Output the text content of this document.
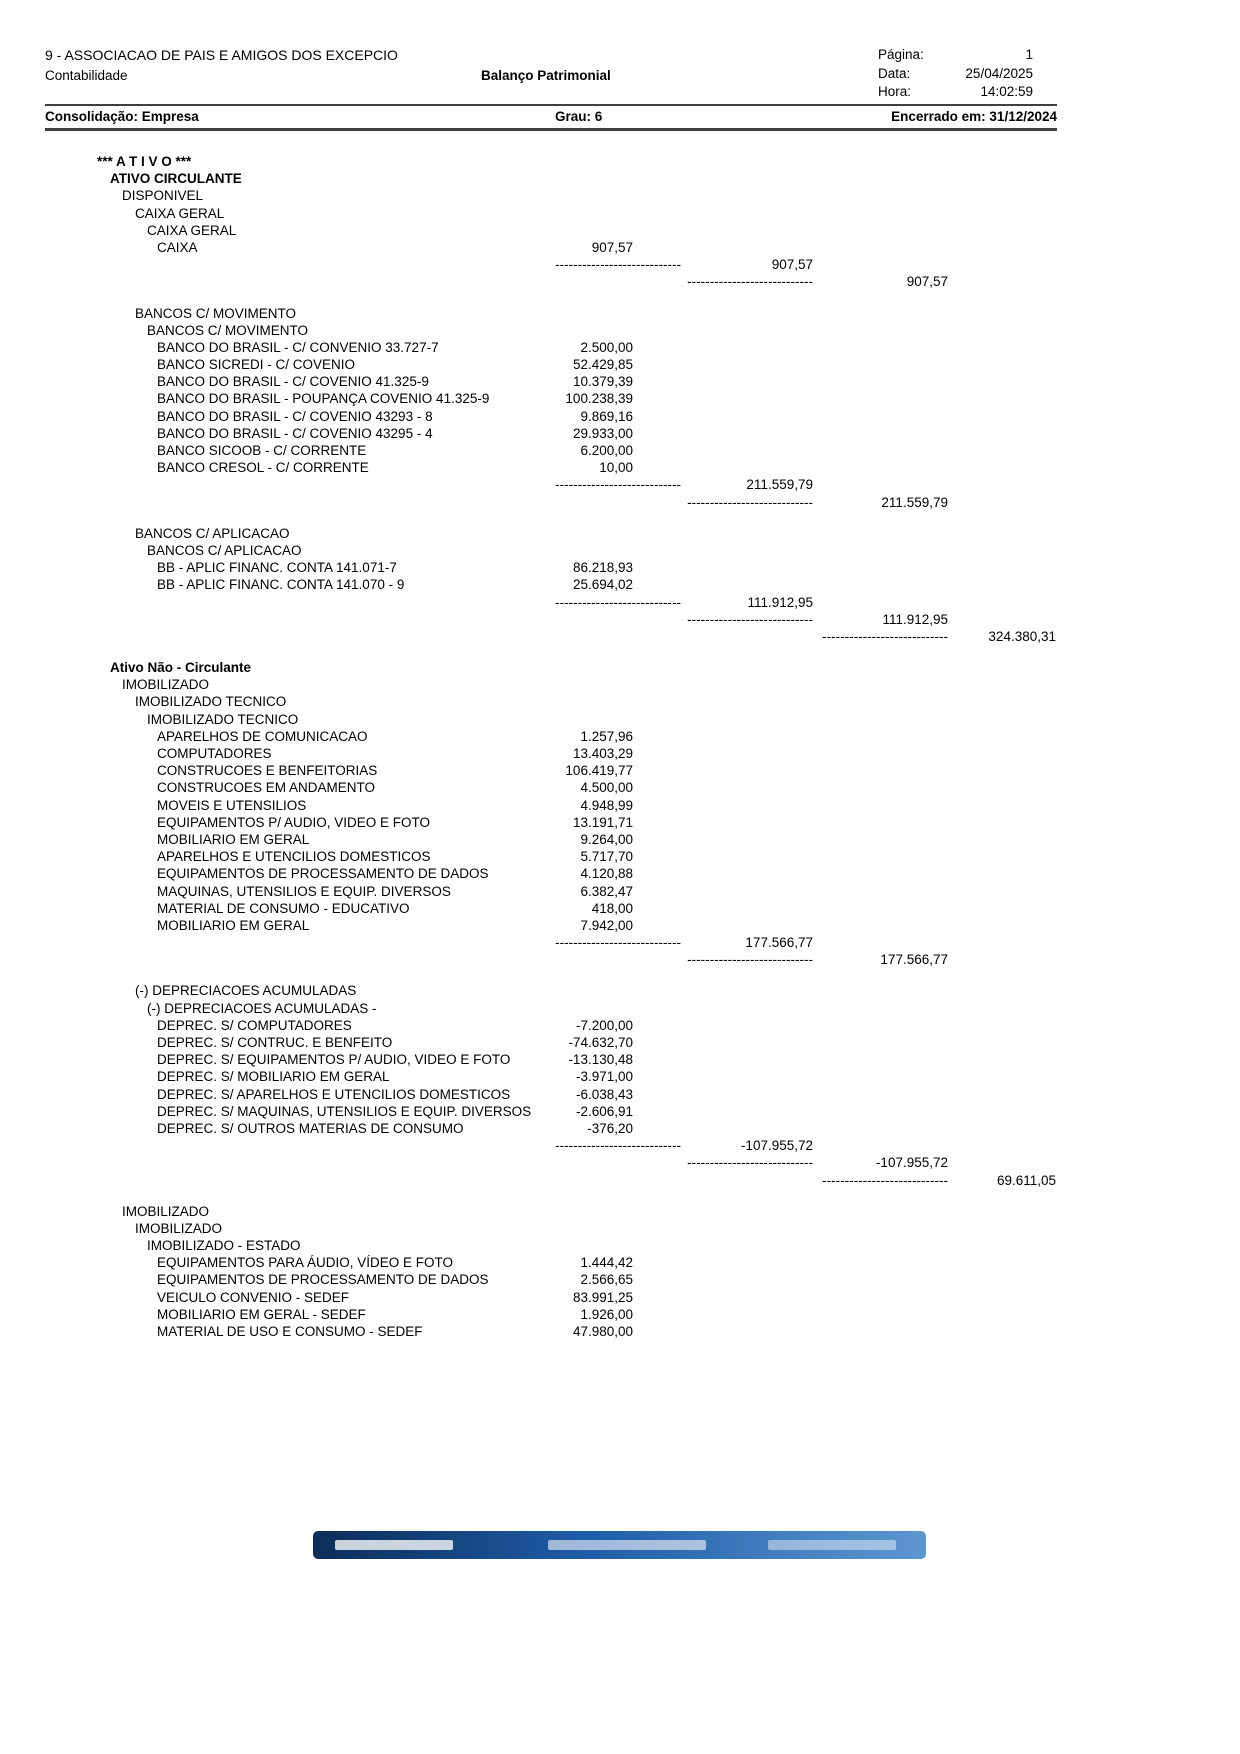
9 - ASSOCIACAO DE PAIS E AMIGOS DOS EXCEPCIO
Contabilidade	Balanço Patrimonial
Página:	1
Data:	25/04/2025
Hora:	14:02:59
Consolidação: Empresa	Grau: 6	Encerrado em: 31/12/2024
*** A T I V O ***
ATIVO CIRCULANTE
DISPONIVEL
CAIXA GERAL
CAIXA GERAL
CAIXA	907,57
----------------------------	907,57
----------------------------	907,57
BANCOS C/ MOVIMENTO
BANCOS C/ MOVIMENTO
BANCO DO BRASIL - C/ CONVENIO 33.727-7	2.500,00
BANCO SICREDI - C/ COVENIO	52.429,85
BANCO DO BRASIL - C/ COVENIO 41.325-9	10.379,39
BANCO DO BRASIL - POUPANÇA COVENIO 41.325-9	100.238,39
BANCO DO BRASIL - C/ COVENIO 43293 - 8	9.869,16
BANCO DO BRASIL - C/ COVENIO 43295 - 4	29.933,00
BANCO SICOOB - C/ CORRENTE	6.200,00
BANCO CRESOL - C/ CORRENTE	10,00
----------------------------	211.559,79
----------------------------	211.559,79
BANCOS C/ APLICACAO
BANCOS C/ APLICACAO
BB - APLIC FINANC. CONTA 141.071-7	86.218,93
BB - APLIC FINANC. CONTA 141.070 - 9	25.694,02
----------------------------	111.912,95
----------------------------	111.912,95
----------------------------	324.380,31
Ativo Não - Circulante
IMOBILIZADO
IMOBILIZADO TECNICO
IMOBILIZADO TECNICO
APARELHOS DE COMUNICACAO	1.257,96
COMPUTADORES	13.403,29
CONSTRUCOES E BENFEITORIAS	106.419,77
CONSTRUCOES EM ANDAMENTO	4.500,00
MOVEIS E UTENSILIOS	4.948,99
EQUIPAMENTOS P/ AUDIO, VIDEO E FOTO	13.191,71
MOBILIARIO EM GERAL	9.264,00
APARELHOS E UTENCILIOS DOMESTICOS	5.717,70
EQUIPAMENTOS DE PROCESSAMENTO DE DADOS	4.120,88
MAQUINAS, UTENSILIOS E EQUIP. DIVERSOS	6.382,47
MATERIAL DE CONSUMO - EDUCATIVO	418,00
MOBILIARIO EM GERAL	7.942,00
----------------------------	177.566,77
----------------------------	177.566,77
(-) DEPRECIACOES ACUMULADAS
(-) DEPRECIACOES ACUMULADAS -
DEPREC. S/ COMPUTADORES	-7.200,00
DEPREC. S/ CONTRUC. E BENFEITO	-74.632,70
DEPREC. S/ EQUIPAMENTOS P/ AUDIO, VIDEO E FOTO	-13.130,48
DEPREC. S/ MOBILIARIO EM GERAL	-3.971,00
DEPREC. S/ APARELHOS E UTENCILIOS DOMESTICOS	-6.038,43
DEPREC. S/ MAQUINAS, UTENSILIOS E EQUIP. DIVERSOS	-2.606,91
DEPREC. S/ OUTROS MATERIAS DE CONSUMO	-376,20
----------------------------	-107.955,72
----------------------------	-107.955,72
----------------------------	69.611,05
IMOBILIZADO
IMOBILIZADO
IMOBILIZADO - ESTADO
EQUIPAMENTOS PARA ÁUDIO, VÍDEO E FOTO	1.444,42
EQUIPAMENTOS DE PROCESSAMENTO DE DADOS	2.566,65
VEICULO CONVENIO - SEDEF	83.991,25
MOBILIARIO EM GERAL - SEDEF	1.926,00
MATERIAL DE USO E CONSUMO - SEDEF	47.980,00
